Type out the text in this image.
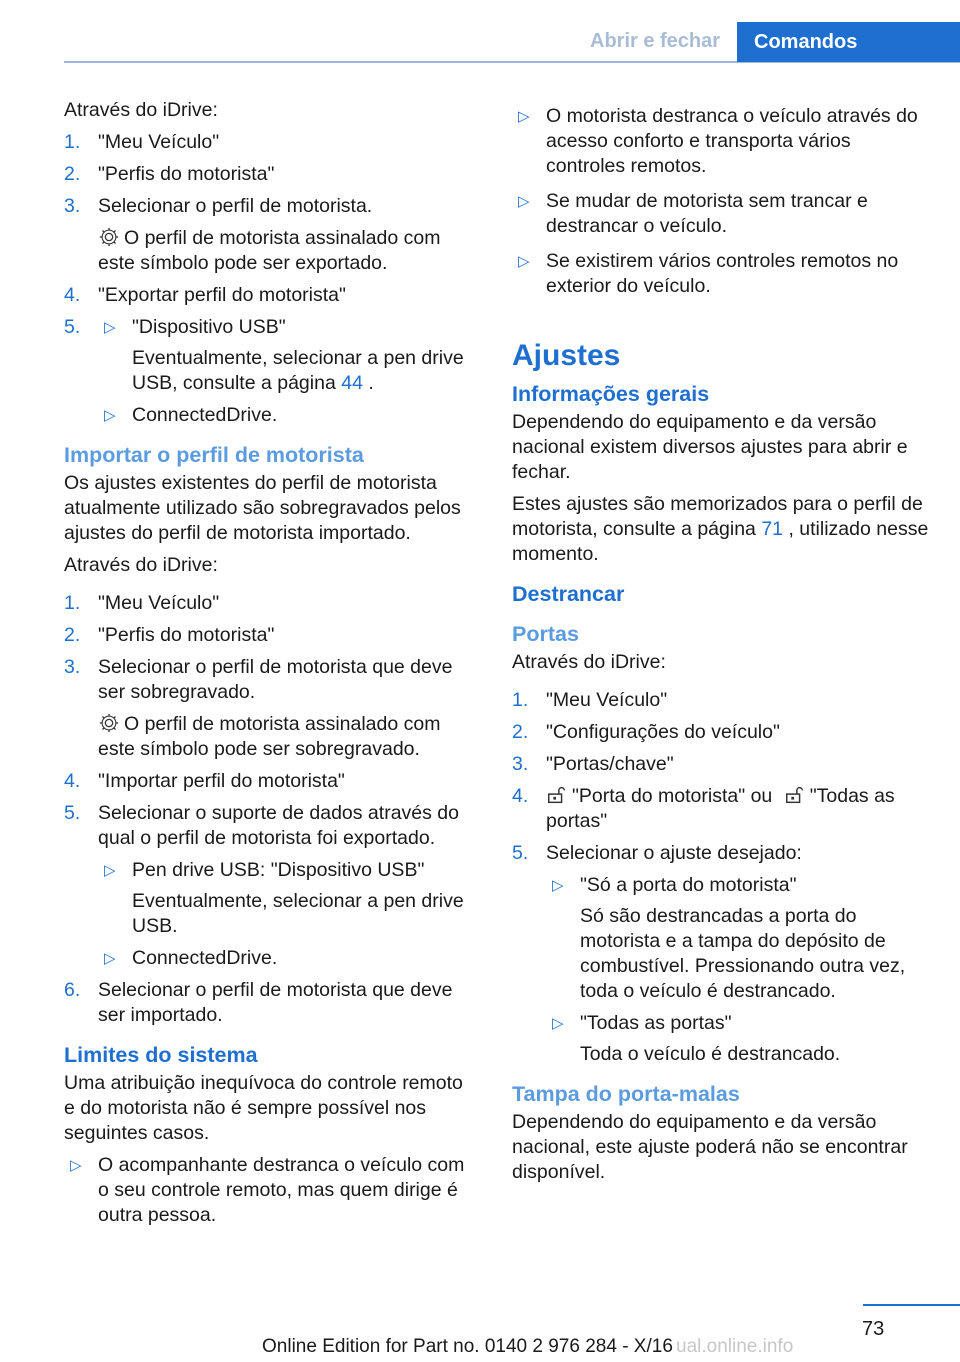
Abrir e fechar Comandos

Através do iDrive:

1. "Meu Veículo"
2. "Perfis do motorista"
3. Selecionar o perfil de motorista.
O perfil de motorista assinalado com este símbolo pode ser exportado.
4. "Exportar perfil do motorista"
5. ▷ "Dispositivo USB"
Eventualmente, selecionar a pen drive USB, consulte a página 44 .
▷ ConnectedDrive.
Importar o perfil de motorista

Os ajustes existentes do perfil de motorista atualmente utilizado são sobregravados pelos ajustes do perfil de motorista importado.

Através do iDrive:

1. "Meu Veículo"
2. "Perfis do motorista"
3. Selecionar o perfil de motorista que deve ser sobregravado.
O perfil de motorista assinalado com este símbolo pode ser sobregravado.
4. "Importar perfil do motorista"
5. Selecionar o suporte de dados através do qual o perfil de motorista foi exportado.
▷ Pen drive USB: "Dispositivo USB"
Eventualmente, selecionar a pen drive USB.
▷ ConnectedDrive.
6. Selecionar o perfil de motorista que deve ser importado.
Limites do sistema

Uma atribuição inequívoca do controle remoto e do motorista não é sempre possível nos seguintes casos.

▷ O acompanhante destranca o veículo com o seu controle remoto, mas quem dirige é outra pessoa.
▷ O motorista destranca o veículo através do acesso conforto e transporta vários controles remotos.
▷ Se mudar de motorista sem trancar e destrancar o veículo.
▷ Se existirem vários controles remotos no exterior do veículo.
Ajustes
Informações gerais

Dependendo do equipamento e da versão nacional existem diversos ajustes para abrir e fechar.

Estes ajustes são memorizados para o perfil de motorista, consulte a página 71 , utilizado nesse momento.

Destrancar
Portas

Através do iDrive:

1. "Meu Veículo"
2. "Configurações do veículo"
3. "Portas/chave"
4. "Porta do motorista" ou "Todas as portas"
5. Selecionar o ajuste desejado:
▷ "Só a porta do motorista"
Só são destrancadas a porta do motorista e a tampa do depósito de combustível. Pressionando outra vez, toda o veículo é destrancado.
▷ "Todas as portas"
Toda o veículo é destrancado.
Tampa do porta-malas

Dependendo do equipamento e da versão nacional, este ajuste poderá não se encontrar disponível.

73
Online Edition for Part no. 0140 2 976 284 - X/16 ual.online.info
